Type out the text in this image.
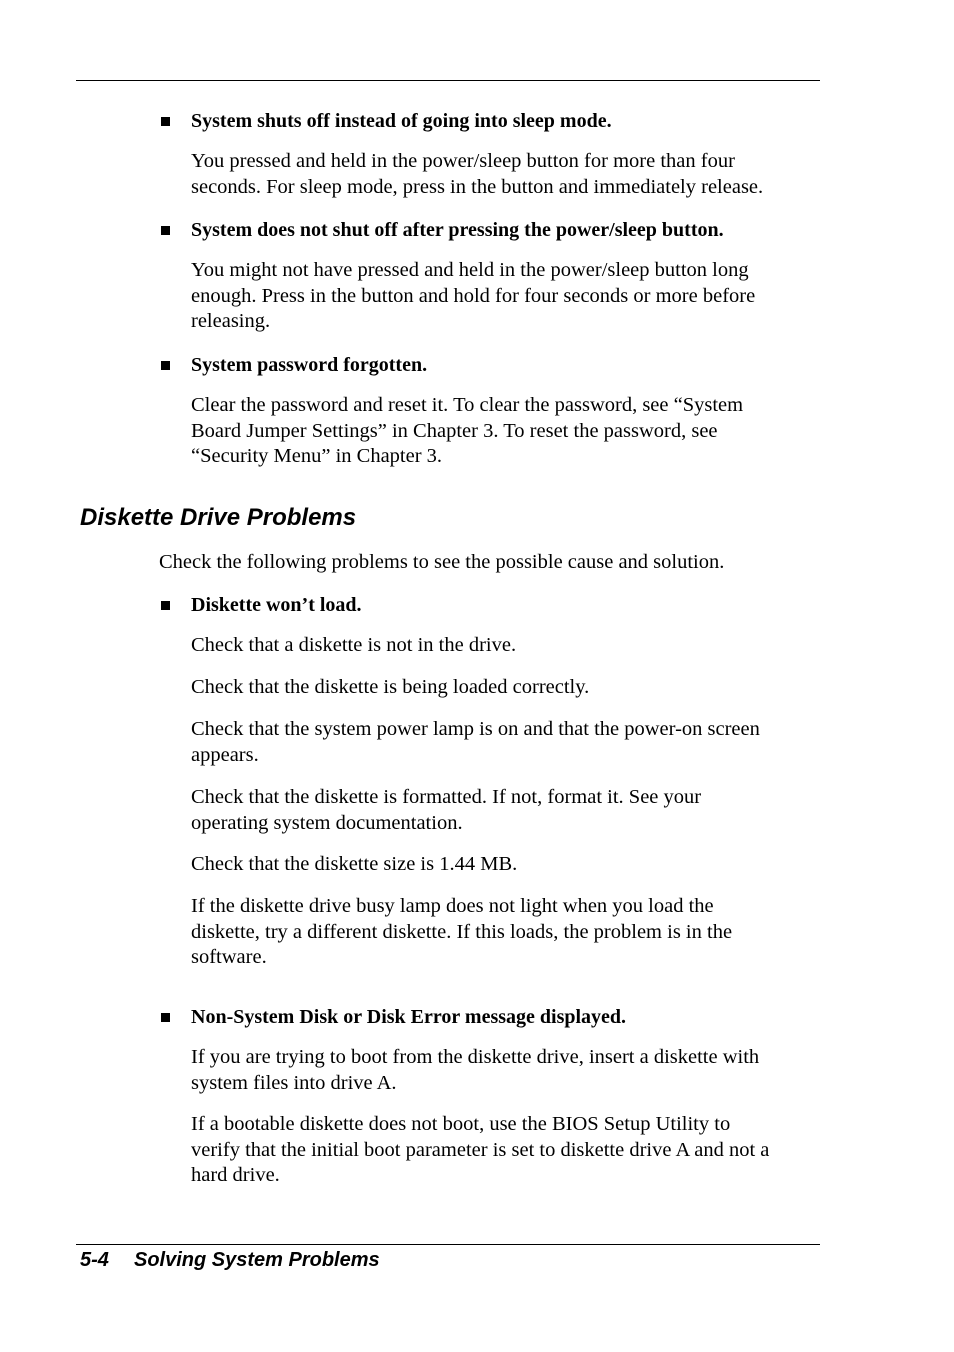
System shuts off instead of going into sleep mode.
You pressed and held in the power/sleep button for more than four
seconds. For sleep mode, press in the button and immediately release.
System does not shut off after pressing the power/sleep button.
You might not have pressed and held in the power/sleep button long
enough. Press in the button and hold for four seconds or more before
releasing.
System password forgotten.
Clear the password and reset it. To clear the password, see “System
Board Jumper Settings” in Chapter 3. To reset the password, see
“Security Menu” in Chapter 3.
Diskette Drive Problems
Check the following problems to see the possible cause and solution.
Diskette won’t load.
Check that a diskette is not in the drive.
Check that the diskette is being loaded correctly.
Check that the system power lamp is on and that the power-on screen
appears.
Check that the diskette is formatted. If not, format it. See your
operating system documentation.
Check that the diskette size is 1.44 MB.
If the diskette drive busy lamp does not light when you load the
diskette, try a different diskette. If this loads, the problem is in the
software.
Non-System Disk or Disk Error message displayed.
If you are trying to boot from the diskette drive, insert a diskette with
system files into drive A.
If a bootable diskette does not boot, use the BIOS Setup Utility to
verify that the initial boot parameter is set to diskette drive A and not a
hard drive.
5-4 Solving System Problems
